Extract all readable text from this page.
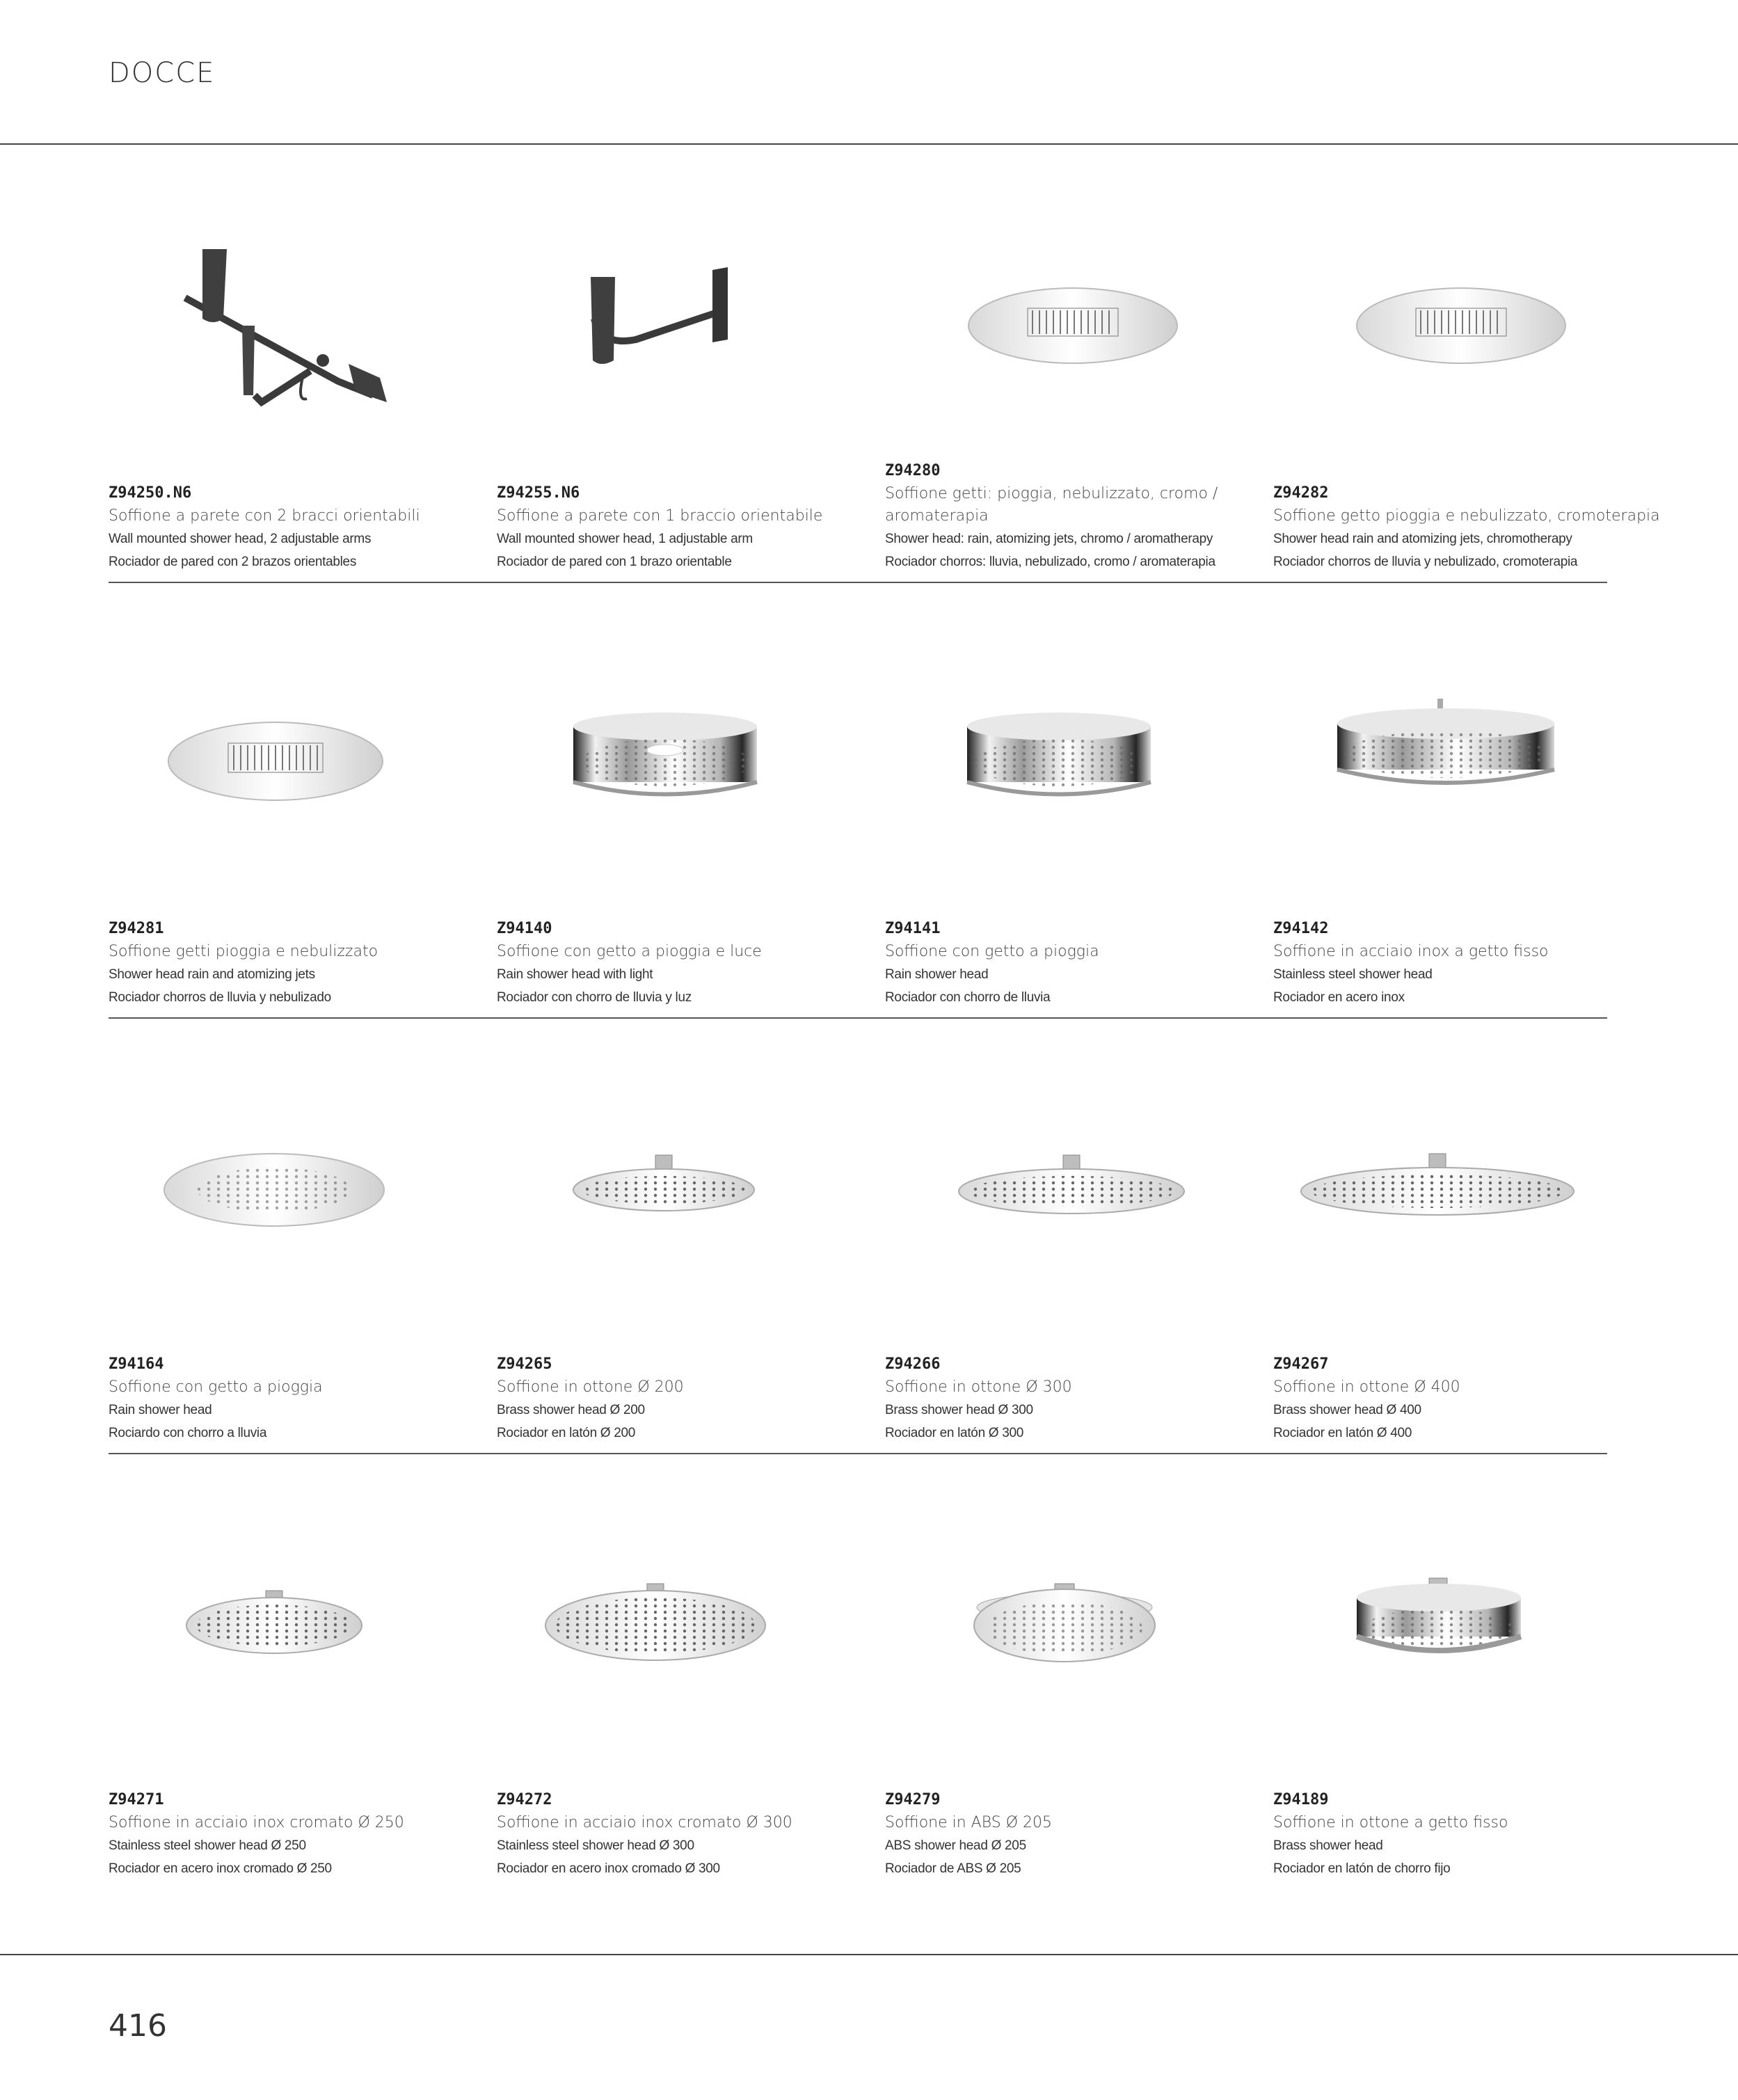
DOCCE
Z94250.N6
Soffione a parete con 2 bracci orientabili
Wall mounted shower head, 2 adjustable arms
Rociador de pared con 2 brazos orientables
Z94255.N6
Soffione a parete con 1 braccio orientabile
Wall mounted shower head, 1 adjustable arm
Rociador de pared con 1 brazo orientable
Z94280
Soffione getti: pioggia, nebulizzato, cromo / aromaterapia
Shower head: rain, atomizing jets, chromo / aromatherapy
Rociador chorros: lluvia, nebulizado, cromo / aromaterapia
Z94282
Soffione getto pioggia e nebulizzato, cromoterapia
Shower head rain and atomizing jets, chromotherapy
Rociador chorros de lluvia y nebulizado, cromoterapia
Z94281
Soffione getti pioggia e nebulizzato
Shower head rain and atomizing jets
Rociador chorros de lluvia y nebulizado
Z94140
Soffione con getto a pioggia e luce
Rain shower head with light
Rociador con chorro de lluvia y luz
Z94141
Soffione con getto a pioggia
Rain shower head
Rociador con chorro de lluvia
Z94142
Soffione in acciaio inox a getto fisso
Stainless steel shower head
Rociador en acero inox
Z94164
Soffione con getto a pioggia
Rain shower head
Rociardo con chorro a lluvia
Z94265
Soffione in ottone Ø 200
Brass shower head Ø 200
Rociador en latón Ø 200
Z94266
Soffione in ottone Ø 300
Brass shower head Ø 300
Rociador en latón Ø 300
Z94267
Soffione in ottone Ø 400
Brass shower head Ø 400
Rociador en latón Ø 400
Z94271
Soffione in acciaio inox cromato Ø 250
Stainless steel shower head Ø 250
Rociador en acero inox cromado Ø 250
Z94272
Soffione in acciaio inox cromato Ø 300
Stainless steel shower head Ø 300
Rociador en acero inox cromado Ø 300
Z94279
Soffione in ABS Ø 205
ABS shower head Ø 205
Rociador de ABS Ø 205
Z94189
Soffione in ottone a getto fisso
Brass shower head
Rociador en latón de chorro fijo
416
